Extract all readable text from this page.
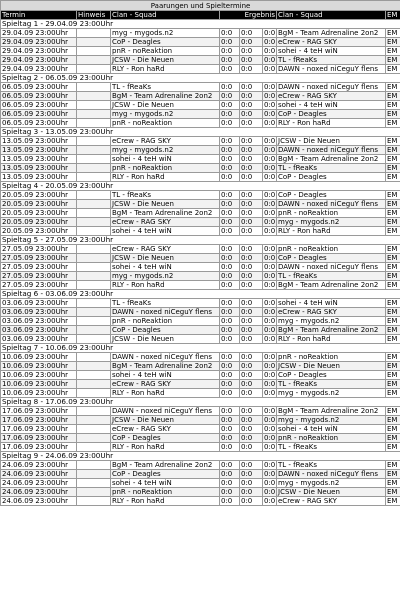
Paarungen und Spieltermine							
Termin	Hinweis	Clan - Squad	Ergebnis			Clan - Squad	EM
Spieltag 1 - 29.04.09 23:00Uhr							
29.04.09 23:00Uhr		myg - mygods.n2	0:0	0:0	0:0	BgM - Team Adrenaline 2on2	EM
29.04.09 23:00Uhr		CoP - Deagles	0:0	0:0	0:0	eCrew - RAG SKY	EM
29.04.09 23:00Uhr		pnR - noReaktion	0:0	0:0	0:0	sohei - 4 teH wiN	EM
29.04.09 23:00Uhr		JCSW - Die Neuen	0:0	0:0	0:0	TL - fReaKs	EM
29.04.09 23:00Uhr		RLY - Ron haRd	0:0	0:0	0:0	DAWN - noxed niCeguY flens	EM
Spieltag 2 - 06.05.09 23:00Uhr							
06.05.09 23:00Uhr		TL - fReaKs	0:0	0:0	0:0	DAWN - noxed niCeguY flens	EM
06.05.09 23:00Uhr		BgM - Team Adrenaline 2on2	0:0	0:0	0:0	eCrew - RAG SKY	EM
06.05.09 23:00Uhr		JCSW - Die Neuen	0:0	0:0	0:0	sohei - 4 teH wiN	EM
06.05.09 23:00Uhr		myg - mygods.n2	0:0	0:0	0:0	CoP - Deagles	EM
06.05.09 23:00Uhr		pnR - noReaktion	0:0	0:0	0:0	RLY - Ron haRd	EM
Spieltag 3 - 13.05.09 23:00Uhr							
13.05.09 23:00Uhr		eCrew - RAG SKY	0:0	0:0	0:0	JCSW - Die Neuen	EM
13.05.09 23:00Uhr		myg - mygods.n2	0:0	0:0	0:0	DAWN - noxed niCeguY flens	EM
13.05.09 23:00Uhr		sohei - 4 teH wiN	0:0	0:0	0:0	BgM - Team Adrenaline 2on2	EM
13.05.09 23:00Uhr		pnR - noReaktion	0:0	0:0	0:0	TL - fReaKs	EM
13.05.09 23:00Uhr		RLY - Ron haRd	0:0	0:0	0:0	CoP - Deagles	EM
Spieltag 4 - 20.05.09 23:00Uhr							
20.05.09 23:00Uhr		TL - fReaKs	0:0	0:0	0:0	CoP - Deagles	EM
20.05.09 23:00Uhr		JCSW - Die Neuen	0:0	0:0	0:0	DAWN - noxed niCeguY flens	EM
20.05.09 23:00Uhr		BgM - Team Adrenaline 2on2	0:0	0:0	0:0	pnR - noReaktion	EM
20.05.09 23:00Uhr		eCrew - RAG SKY	0:0	0:0	0:0	myg - mygods.n2	EM
20.05.09 23:00Uhr		sohei - 4 teH wiN	0:0	0:0	0:0	RLY - Ron haRd	EM
Spieltag 5 - 27.05.09 23:00Uhr							
27.05.09 23:00Uhr		eCrew - RAG SKY	0:0	0:0	0:0	pnR - noReaktion	EM
27.05.09 23:00Uhr		JCSW - Die Neuen	0:0	0:0	0:0	CoP - Deagles	EM
27.05.09 23:00Uhr		sohei - 4 teH wiN	0:0	0:0	0:0	DAWN - noxed niCeguY flens	EM
27.05.09 23:00Uhr		myg - mygods.n2	0:0	0:0	0:0	TL - fReaKs	EM
27.05.09 23:00Uhr		RLY - Ron haRd	0:0	0:0	0:0	BgM - Team Adrenaline 2on2	EM
Spieltag 6 - 03.06.09 23:00Uhr							
03.06.09 23:00Uhr		TL - fReaKs	0:0	0:0	0:0	sohei - 4 teH wiN	EM
03.06.09 23:00Uhr		DAWN - noxed niCeguY flens	0:0	0:0	0:0	eCrew - RAG SKY	EM
03.06.09 23:00Uhr		pnR - noReaktion	0:0	0:0	0:0	myg - mygods.n2	EM
03.06.09 23:00Uhr		CoP - Deagles	0:0	0:0	0:0	BgM - Team Adrenaline 2on2	EM
03.06.09 23:00Uhr		JCSW - Die Neuen	0:0	0:0	0:0	RLY - Ron haRd	EM
Spieltag 7 - 10.06.09 23:00Uhr							
10.06.09 23:00Uhr		DAWN - noxed niCeguY flens	0:0	0:0	0:0	pnR - noReaktion	EM
10.06.09 23:00Uhr		BgM - Team Adrenaline 2on2	0:0	0:0	0:0	JCSW - Die Neuen	EM
10.06.09 23:00Uhr		sohei - 4 teH wiN	0:0	0:0	0:0	CoP - Deagles	EM
10.06.09 23:00Uhr		eCrew - RAG SKY	0:0	0:0	0:0	TL - fReaKs	EM
10.06.09 23:00Uhr		RLY - Ron haRd	0:0	0:0	0:0	myg - mygods.n2	EM
Spieltag 8 - 17.06.09 23:00Uhr							
17.06.09 23:00Uhr		DAWN - noxed niCeguY flens	0:0	0:0	0:0	BgM - Team Adrenaline 2on2	EM
17.06.09 23:00Uhr		JCSW - Die Neuen	0:0	0:0	0:0	myg - mygods.n2	EM
17.06.09 23:00Uhr		eCrew - RAG SKY	0:0	0:0	0:0	sohei - 4 teH wiN	EM
17.06.09 23:00Uhr		CoP - Deagles	0:0	0:0	0:0	pnR - noReaktion	EM
17.06.09 23:00Uhr		RLY - Ron haRd	0:0	0:0	0:0	TL - fReaKs	EM
Spieltag 9 - 24.06.09 23:00Uhr							
24.06.09 23:00Uhr		BgM - Team Adrenaline 2on2	0:0	0:0	0:0	TL - fReaKs	EM
24.06.09 23:00Uhr		CoP - Deagles	0:0	0:0	0:0	DAWN - noxed niCeguY flens	EM
24.06.09 23:00Uhr		sohei - 4 teH wiN	0:0	0:0	0:0	myg - mygods.n2	EM
24.06.09 23:00Uhr		pnR - noReaktion	0:0	0:0	0:0	JCSW - Die Neuen	EM
24.06.09 23:00Uhr		RLY - Ron haRd	0:0	0:0	0:0	eCrew - RAG SKY	EM
